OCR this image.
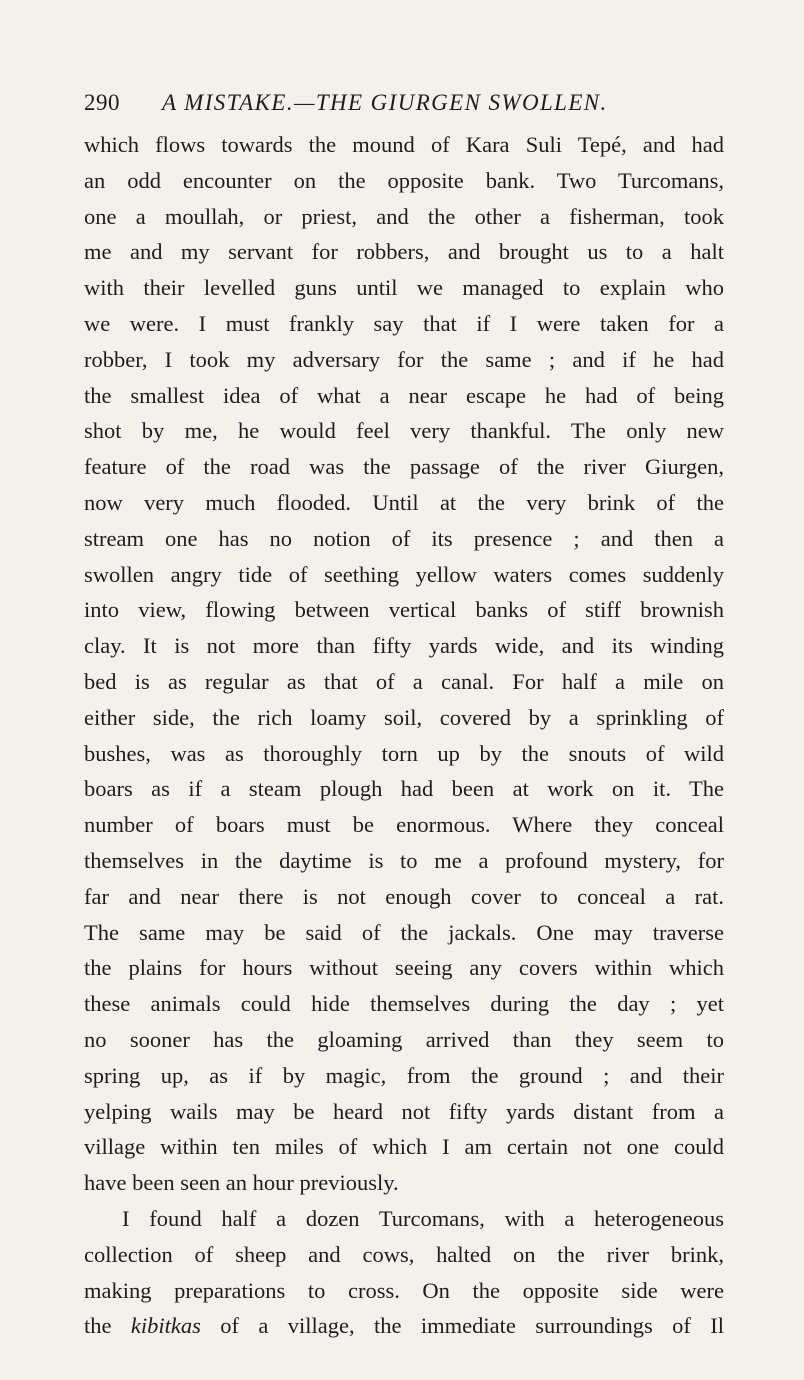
290 A MISTAKE.—THE GIURGEN SWOLLEN.
which flows towards the mound of Kara Suli Tepé, and had
an odd encounter on the opposite bank. Two Turcomans,
one a moullah, or priest, and the other a fisherman, took
me and my servant for robbers, and brought us to a halt
with their levelled guns until we managed to explain who
we were. I must frankly say that if I were taken for a
robber, I took my adversary for the same ; and if he had
the smallest idea of what a near escape he had of being
shot by me, he would feel very thankful. The only new
feature of the road was the passage of the river Giurgen,
now very much flooded. Until at the very brink of the
stream one has no notion of its presence ; and then a
swollen angry tide of seething yellow waters comes suddenly
into view, flowing between vertical banks of stiff brownish
clay. It is not more than fifty yards wide, and its winding
bed is as regular as that of a canal. For half a mile on
either side, the rich loamy soil, covered by a sprinkling of
bushes, was as thoroughly torn up by the snouts of wild
boars as if a steam plough had been at work on it. The
number of boars must be enormous. Where they conceal
themselves in the daytime is to me a profound mystery, for
far and near there is not enough cover to conceal a rat.
The same may be said of the jackals. One may traverse
the plains for hours without seeing any covers within which
these animals could hide themselves during the day ; yet
no sooner has the gloaming arrived than they seem to
spring up, as if by magic, from the ground ; and their
yelping wails may be heard not fifty yards distant from a
village within ten miles of which I am certain not one could
have been seen an hour previously.
I found half a dozen Turcomans, with a heterogeneous
collection of sheep and cows, halted on the river brink,
making preparations to cross. On the opposite side were
the kibitkas of a village, the immediate surroundings of Il
